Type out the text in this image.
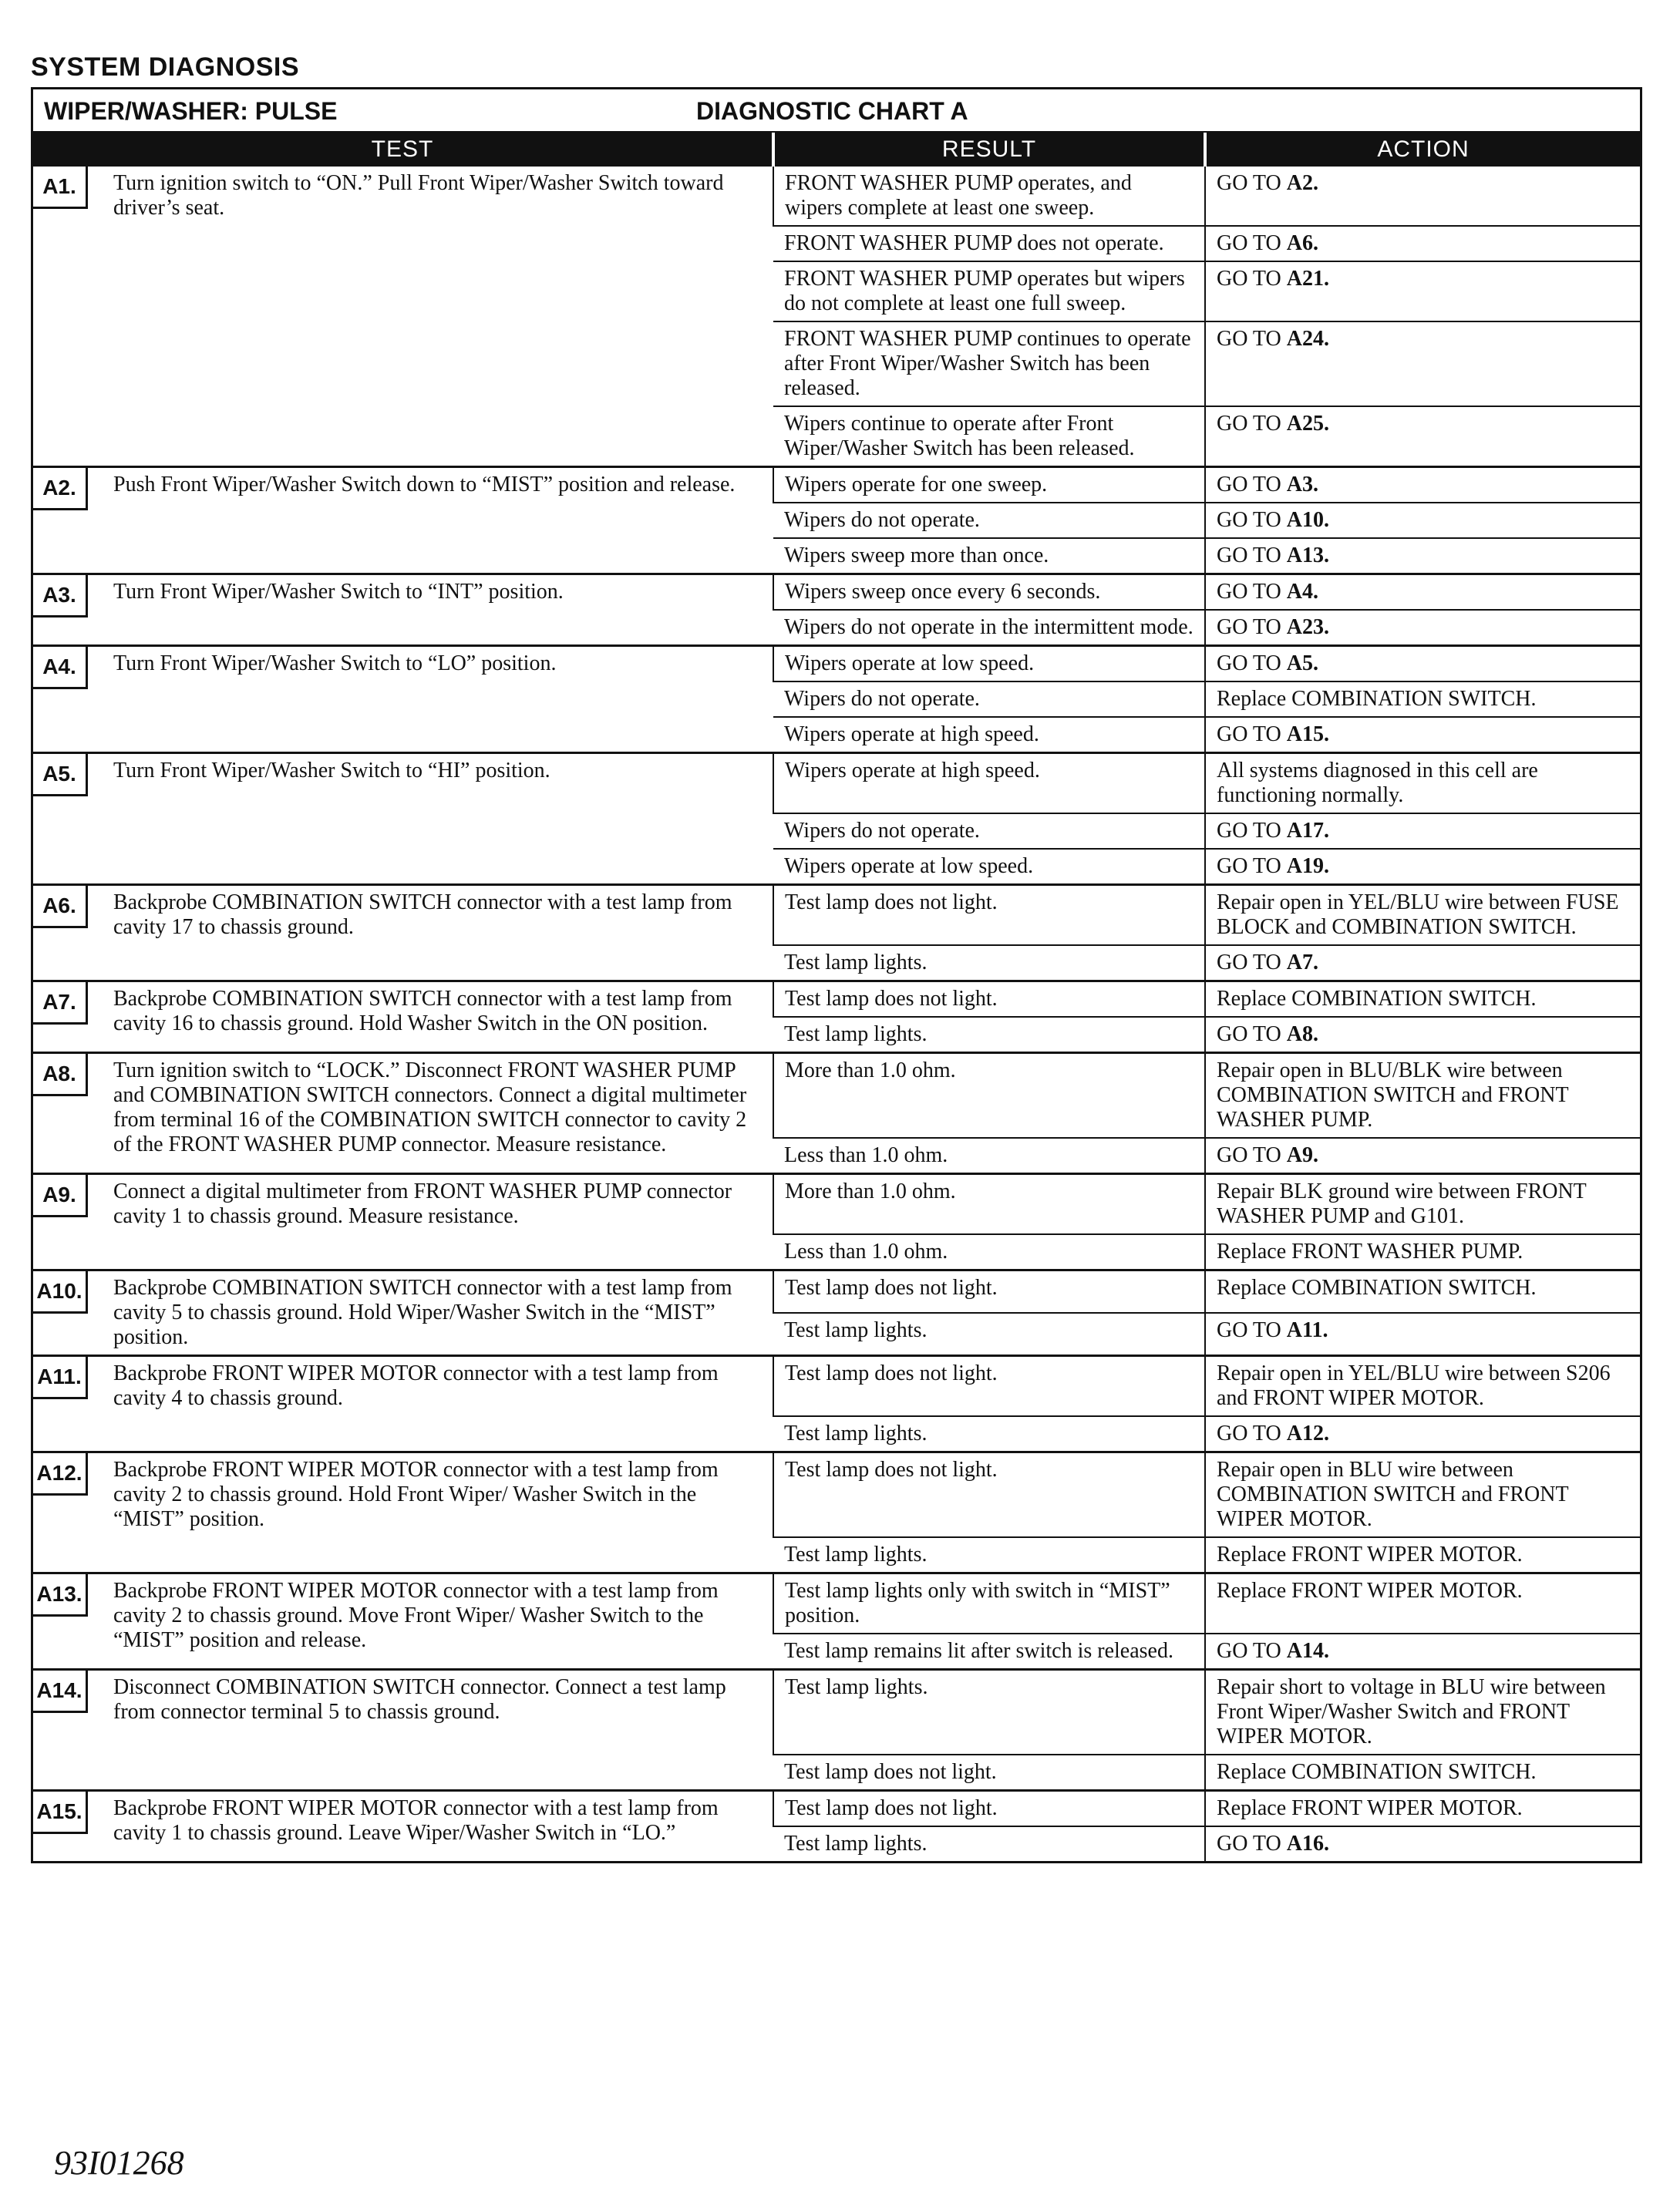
SYSTEM DIAGNOSIS
WIPER/WASHER: PULSE	DIAGNOSTIC CHART A
TEST	RESULT	ACTION

A1. Turn ignition switch to “ON.” Pull Front Wiper/Washer Switch toward driver’s seat.	FRONT WASHER PUMP operates, and wipers complete at least one sweep.	GO TO A2.
	FRONT WASHER PUMP does not operate.	GO TO A6.
	FRONT WASHER PUMP operates but wipers do not complete at least one full sweep.	GO TO A21.
	FRONT WASHER PUMP continues to operate after Front Wiper/Washer Switch has been released.	GO TO A24.
	Wipers continue to operate after Front Wiper/Washer Switch has been released.	GO TO A25.

A2. Push Front Wiper/Washer Switch down to “MIST” position and release.	Wipers operate for one sweep.	GO TO A3.
	Wipers do not operate.	GO TO A10.
	Wipers sweep more than once.	GO TO A13.

A3. Turn Front Wiper/Washer Switch to “INT” position.	Wipers sweep once every 6 seconds.	GO TO A4.
	Wipers do not operate in the intermittent mode.	GO TO A23.

A4. Turn Front Wiper/Washer Switch to “LO” position.	Wipers operate at low speed.	GO TO A5.
	Wipers do not operate.	Replace COMBINATION SWITCH.
	Wipers operate at high speed.	GO TO A15.

A5. Turn Front Wiper/Washer Switch to “HI” position.	Wipers operate at high speed.	All systems diagnosed in this cell are functioning normally.
	Wipers do not operate.	GO TO A17.
	Wipers operate at low speed.	GO TO A19.

A6. Backprobe COMBINATION SWITCH connector with a test lamp from cavity 17 to chassis ground.	Test lamp does not light.	Repair open in YEL/BLU wire between FUSE BLOCK and COMBINATION SWITCH.
	Test lamp lights.	GO TO A7.

A7. Backprobe COMBINATION SWITCH connector with a test lamp from cavity 16 to chassis ground. Hold Washer Switch in the ON position.	Test lamp does not light.	Replace COMBINATION SWITCH.
	Test lamp lights.	GO TO A8.

A8. Turn ignition switch to “LOCK.” Disconnect FRONT WASHER PUMP and COMBINATION SWITCH connectors. Connect a digital multimeter from terminal 16 of the COMBINATION SWITCH connector to cavity 2 of the FRONT WASHER PUMP connector. Measure resistance.	More than 1.0 ohm.	Repair open in BLU/BLK wire between COMBINATION SWITCH and FRONT WASHER PUMP.
	Less than 1.0 ohm.	GO TO A9.

A9. Connect a digital multimeter from FRONT WASHER PUMP connector cavity 1 to chassis ground. Measure resistance.	More than 1.0 ohm.	Repair BLK ground wire between FRONT WASHER PUMP and G101.
	Less than 1.0 ohm.	Replace FRONT WASHER PUMP.

A10. Backprobe COMBINATION SWITCH connector with a test lamp from cavity 5 to chassis ground. Hold Wiper/Washer Switch in the “MIST” position.	Test lamp does not light.	Replace COMBINATION SWITCH.
	Test lamp lights.	GO TO A11.

A11. Backprobe FRONT WIPER MOTOR connector with a test lamp from cavity 4 to chassis ground.	Test lamp does not light.	Repair open in YEL/BLU wire between S206 and FRONT WIPER MOTOR.
	Test lamp lights.	GO TO A12.

A12. Backprobe FRONT WIPER MOTOR connector with a test lamp from cavity 2 to chassis ground. Hold Front Wiper/ Washer Switch in the “MIST” position.	Test lamp does not light.	Repair open in BLU wire between COMBINATION SWITCH and FRONT WIPER MOTOR.
	Test lamp lights.	Replace FRONT WIPER MOTOR.

A13. Backprobe FRONT WIPER MOTOR connector with a test lamp from cavity 2 to chassis ground. Move Front Wiper/ Washer Switch to the “MIST” position and release.	Test lamp lights only with switch in “MIST” position.	Replace FRONT WIPER MOTOR.
	Test lamp remains lit after switch is released.	GO TO A14.

A14. Disconnect COMBINATION SWITCH connector. Connect a test lamp from connector terminal 5 to chassis ground.	Test lamp lights.	Repair short to voltage in BLU wire between Front Wiper/Washer Switch and FRONT WIPER MOTOR.
	Test lamp does not light.	Replace COMBINATION SWITCH.

A15. Backprobe FRONT WIPER MOTOR connector with a test lamp from cavity 1 to chassis ground. Leave Wiper/Washer Switch in “LO.”	Test lamp does not light.	Replace FRONT WIPER MOTOR.
	Test lamp lights.	GO TO A16.
93I01268
